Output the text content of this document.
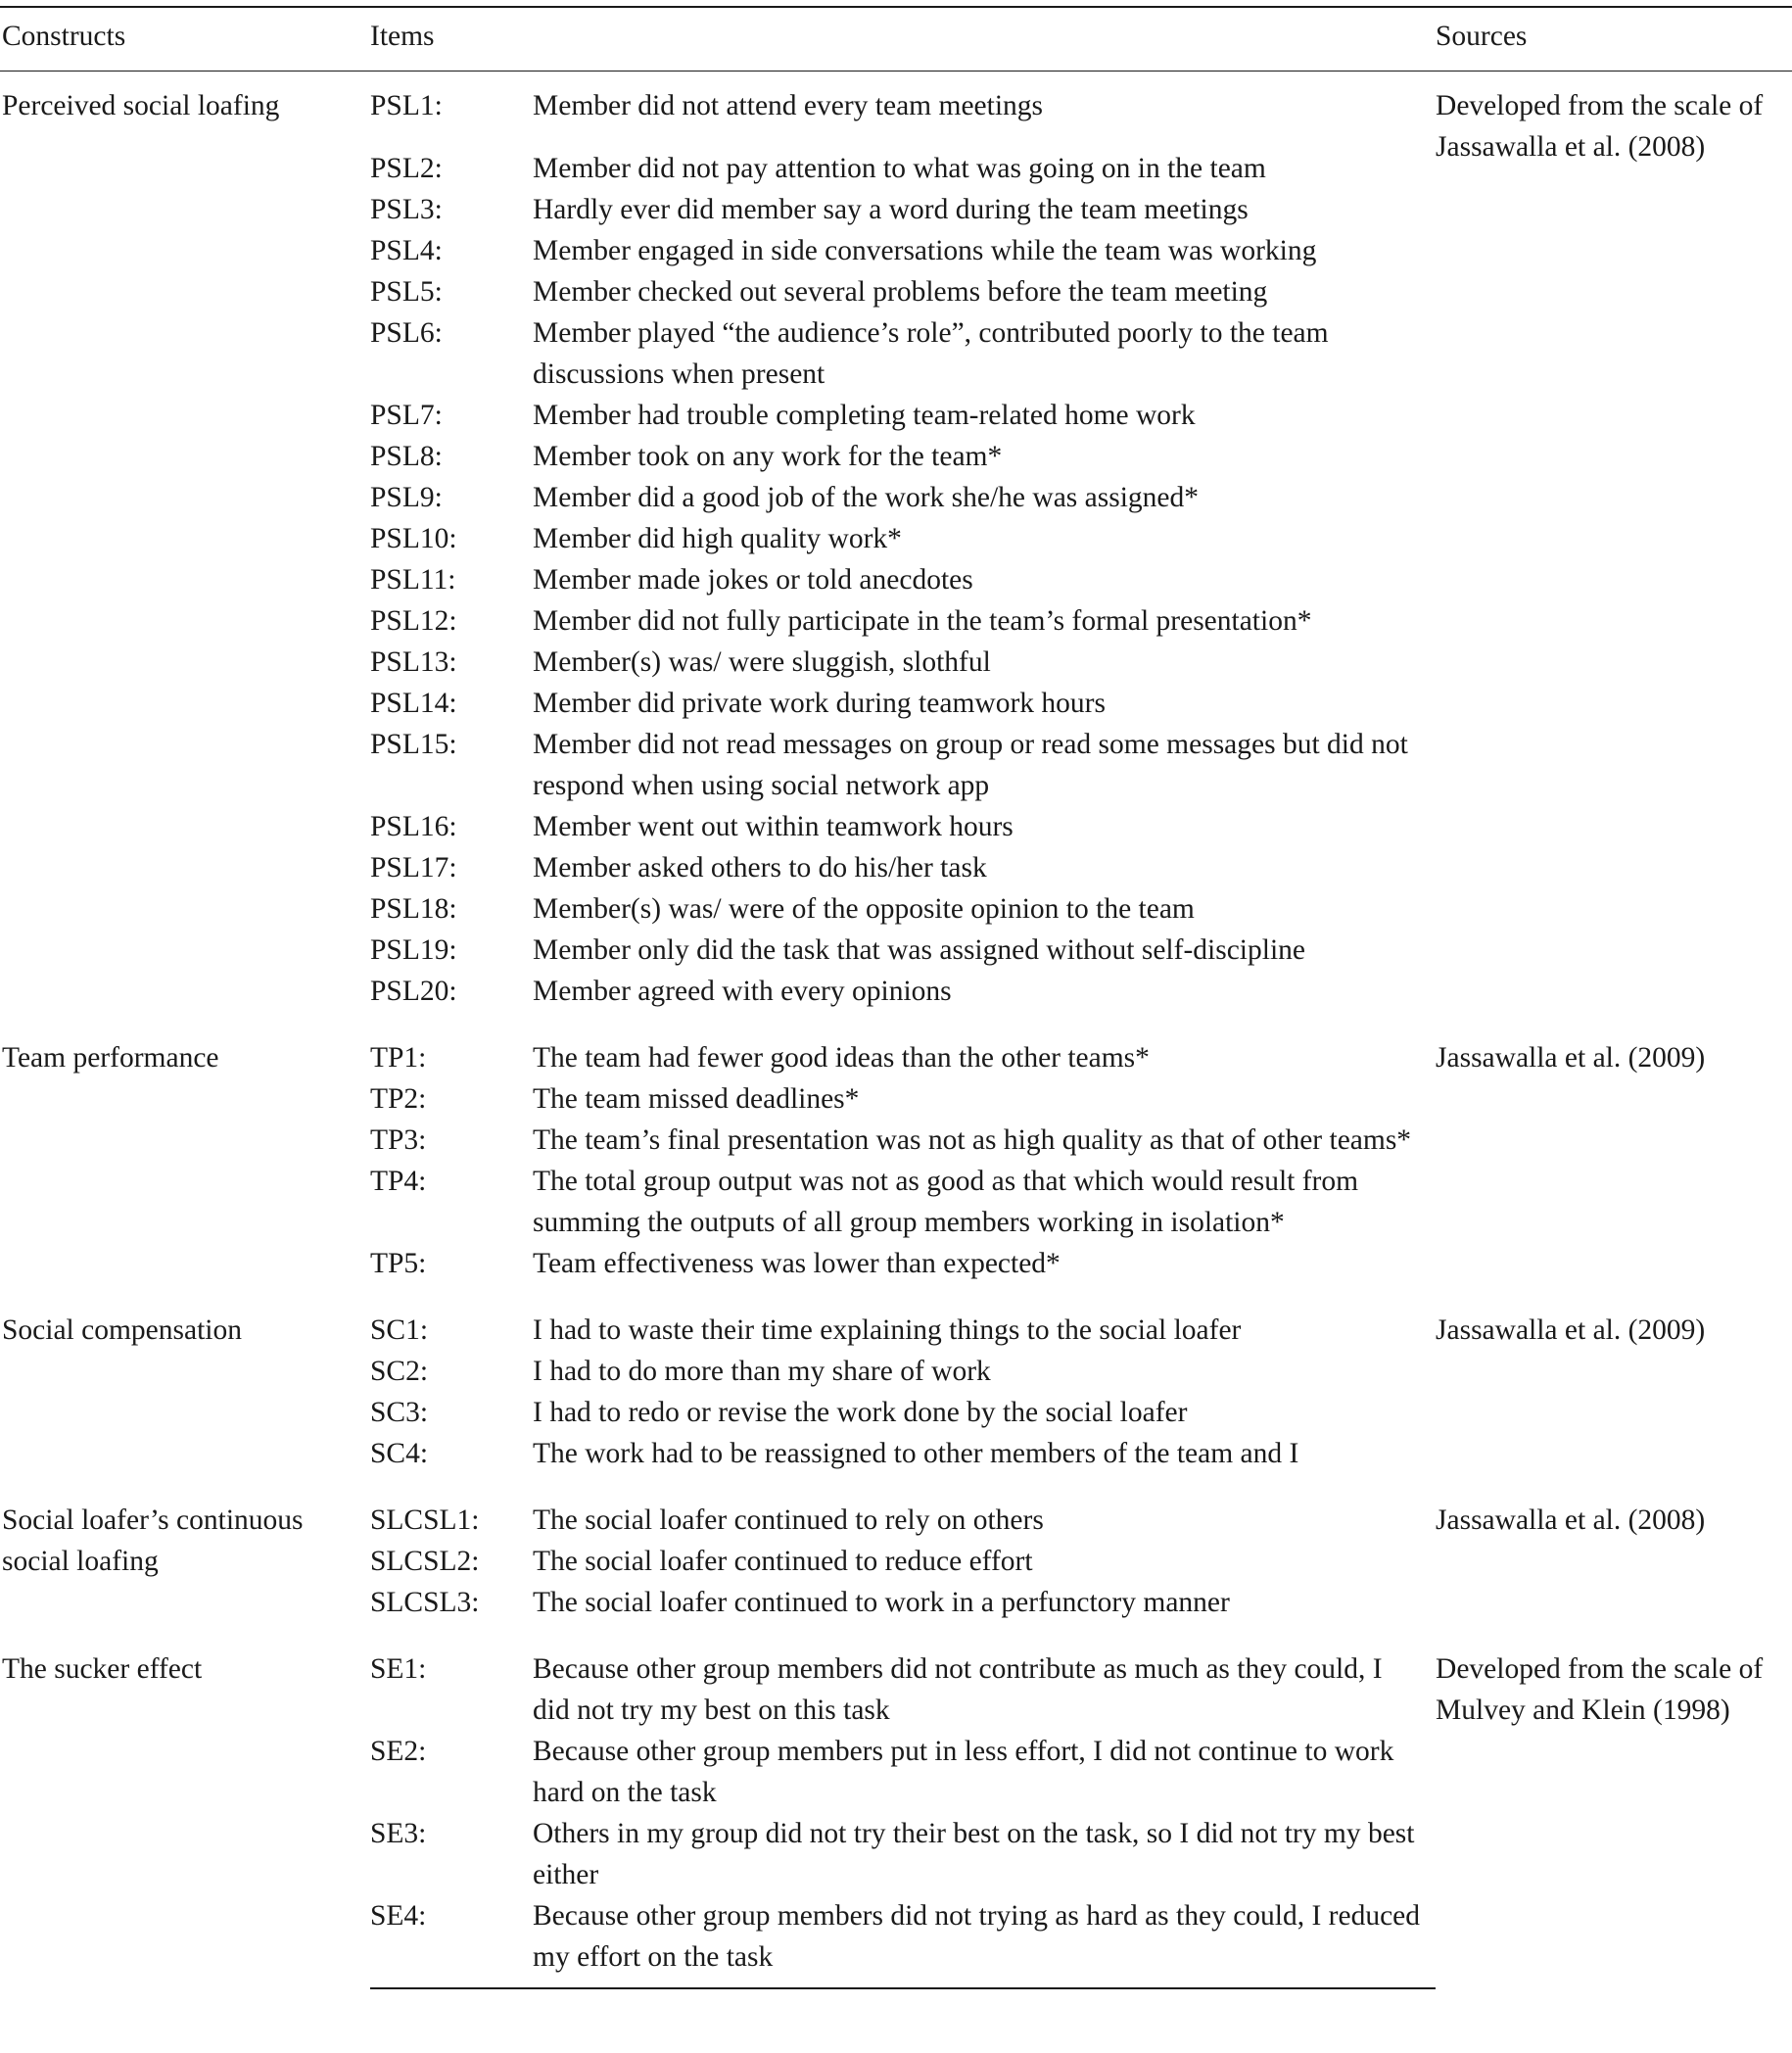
Constructs	Items		Sources
Perceived social loafing	PSL1:	Member did not attend every team meetings	Developed from the scale of
Jassawalla et al. (2008)
	PSL2:	Member did not pay attention to what was going on in the team	
	PSL3:	Hardly ever did member say a word during the team meetings	
	PSL4:	Member engaged in side conversations while the team was working	
	PSL5:	Member checked out several problems before the team meeting	
	PSL6:	Member played “the audience’s role”, contributed poorly to the team discussions when present	
	PSL7:	Member had trouble completing team-related home work	
	PSL8:	Member took on any work for the team*	
	PSL9:	Member did a good job of the work she/he was assigned*	
	PSL10:	Member did high quality work*	
	PSL11:	Member made jokes or told anecdotes	
	PSL12:	Member did not fully participate in the team’s formal presentation*	
	PSL13:	Member(s) was/ were sluggish, slothful	
	PSL14:	Member did private work during teamwork hours	
	PSL15:	Member did not read messages on group or read some messages but did not respond when using social network app	
	PSL16:	Member went out within teamwork hours	
	PSL17:	Member asked others to do his/her task	
	PSL18:	Member(s) was/ were of the opposite opinion to the team	
	PSL19:	Member only did the task that was assigned without self-discipline	
	PSL20:	Member agreed with every opinions	
Team performance	TP1:	The team had fewer good ideas than the other teams*	Jassawalla et al. (2009)
	TP2:	The team missed deadlines*	
	TP3:	The team’s final presentation was not as high quality as that of other teams*	
	TP4:	The total group output was not as good as that which would result from summing the outputs of all group members working in isolation*	
	TP5:	Team effectiveness was lower than expected*	
Social compensation	SC1:	I had to waste their time explaining things to the social loafer	Jassawalla et al. (2009)
	SC2:	I had to do more than my share of work	
	SC3:	I had to redo or revise the work done by the social loafer	
	SC4:	The work had to be reassigned to other members of the team and I	
Social loafer’s continuous
social loafing	SLCSL1:	The social loafer continued to rely on others	Jassawalla et al. (2008)
	SLCSL2:	The social loafer continued to reduce effort	
	SLCSL3:	The social loafer continued to work in a perfunctory manner	
The sucker effect	SE1:	Because other group members did not contribute as much as they could, I did not try my best on this task	Developed from the scale of
Mulvey and Klein (1998)
	SE2:	Because other group members put in less effort, I did not continue to work hard on the task	
	SE3:	Others in my group did not try their best on the task, so I did not try my best either	
	SE4:	Because other group members did not trying as hard as they could, I reduced my effort on the task	
